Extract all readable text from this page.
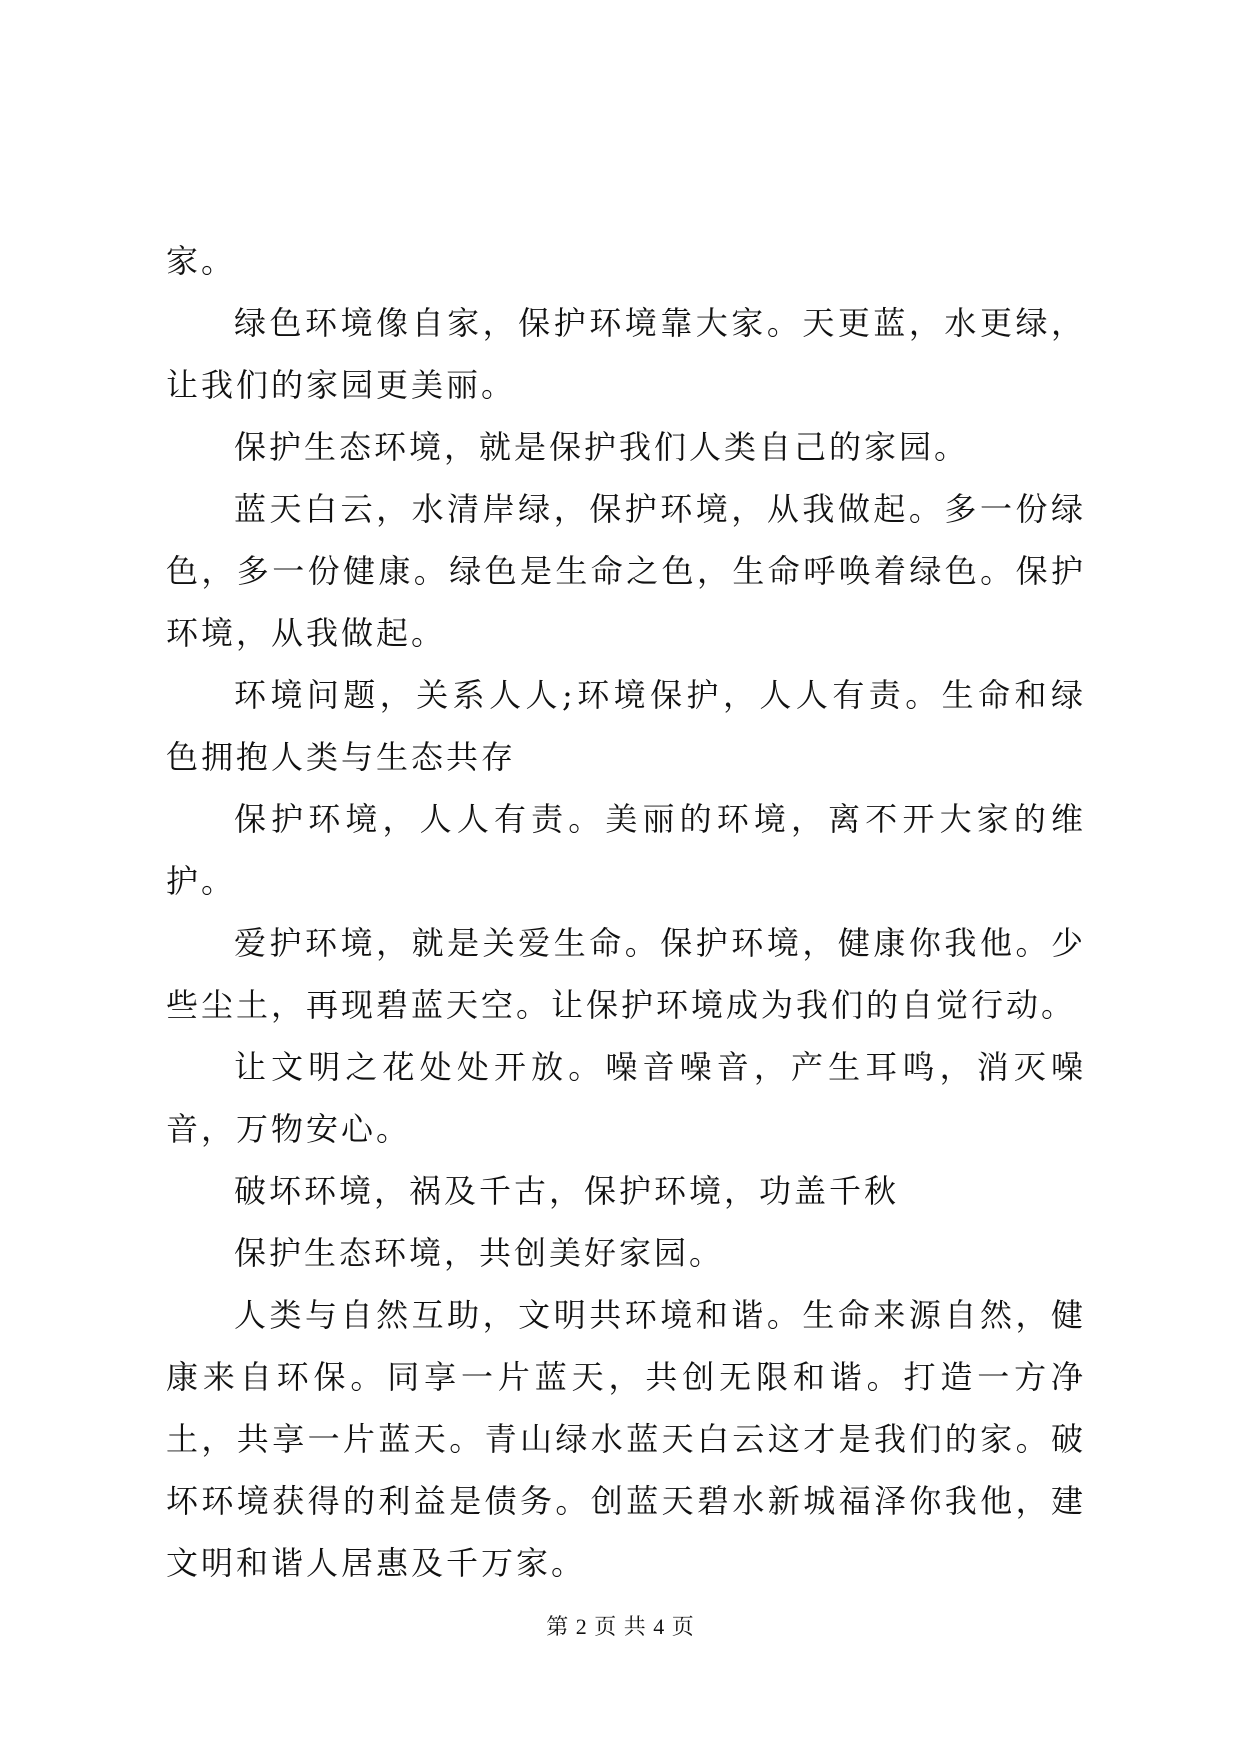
家。

绿色环境像自家，保护环境靠大家。天更蓝，水更绿，让我们的家园更美丽。

保护生态环境，就是保护我们人类自己的家园。

蓝天白云，水清岸绿，保护环境，从我做起。多一份绿色，多一份健康。绿色是生命之色，生命呼唤着绿色。保护环境，从我做起。

环境问题，关系人人;环境保护，人人有责。生命和绿色拥抱人类与生态共存

保护环境，人人有责。美丽的环境，离不开大家的维护。

爱护环境，就是关爱生命。保护环境，健康你我他。少些尘土，再现碧蓝天空。让保护环境成为我们的自觉行动。

让文明之花处处开放。噪音噪音，产生耳鸣，消灭噪音，万物安心。

破坏环境，祸及千古，保护环境，功盖千秋

保护生态环境，共创美好家园。

人类与自然互助，文明共环境和谐。生命来源自然，健康来自环保。同享一片蓝天，共创无限和谐。打造一方净土，共享一片蓝天。青山绿水蓝天白云这才是我们的家。破坏环境获得的利益是债务。创蓝天碧水新城福泽你我他，建文明和谐人居惠及千万家。

第 2 页 共 4 页
